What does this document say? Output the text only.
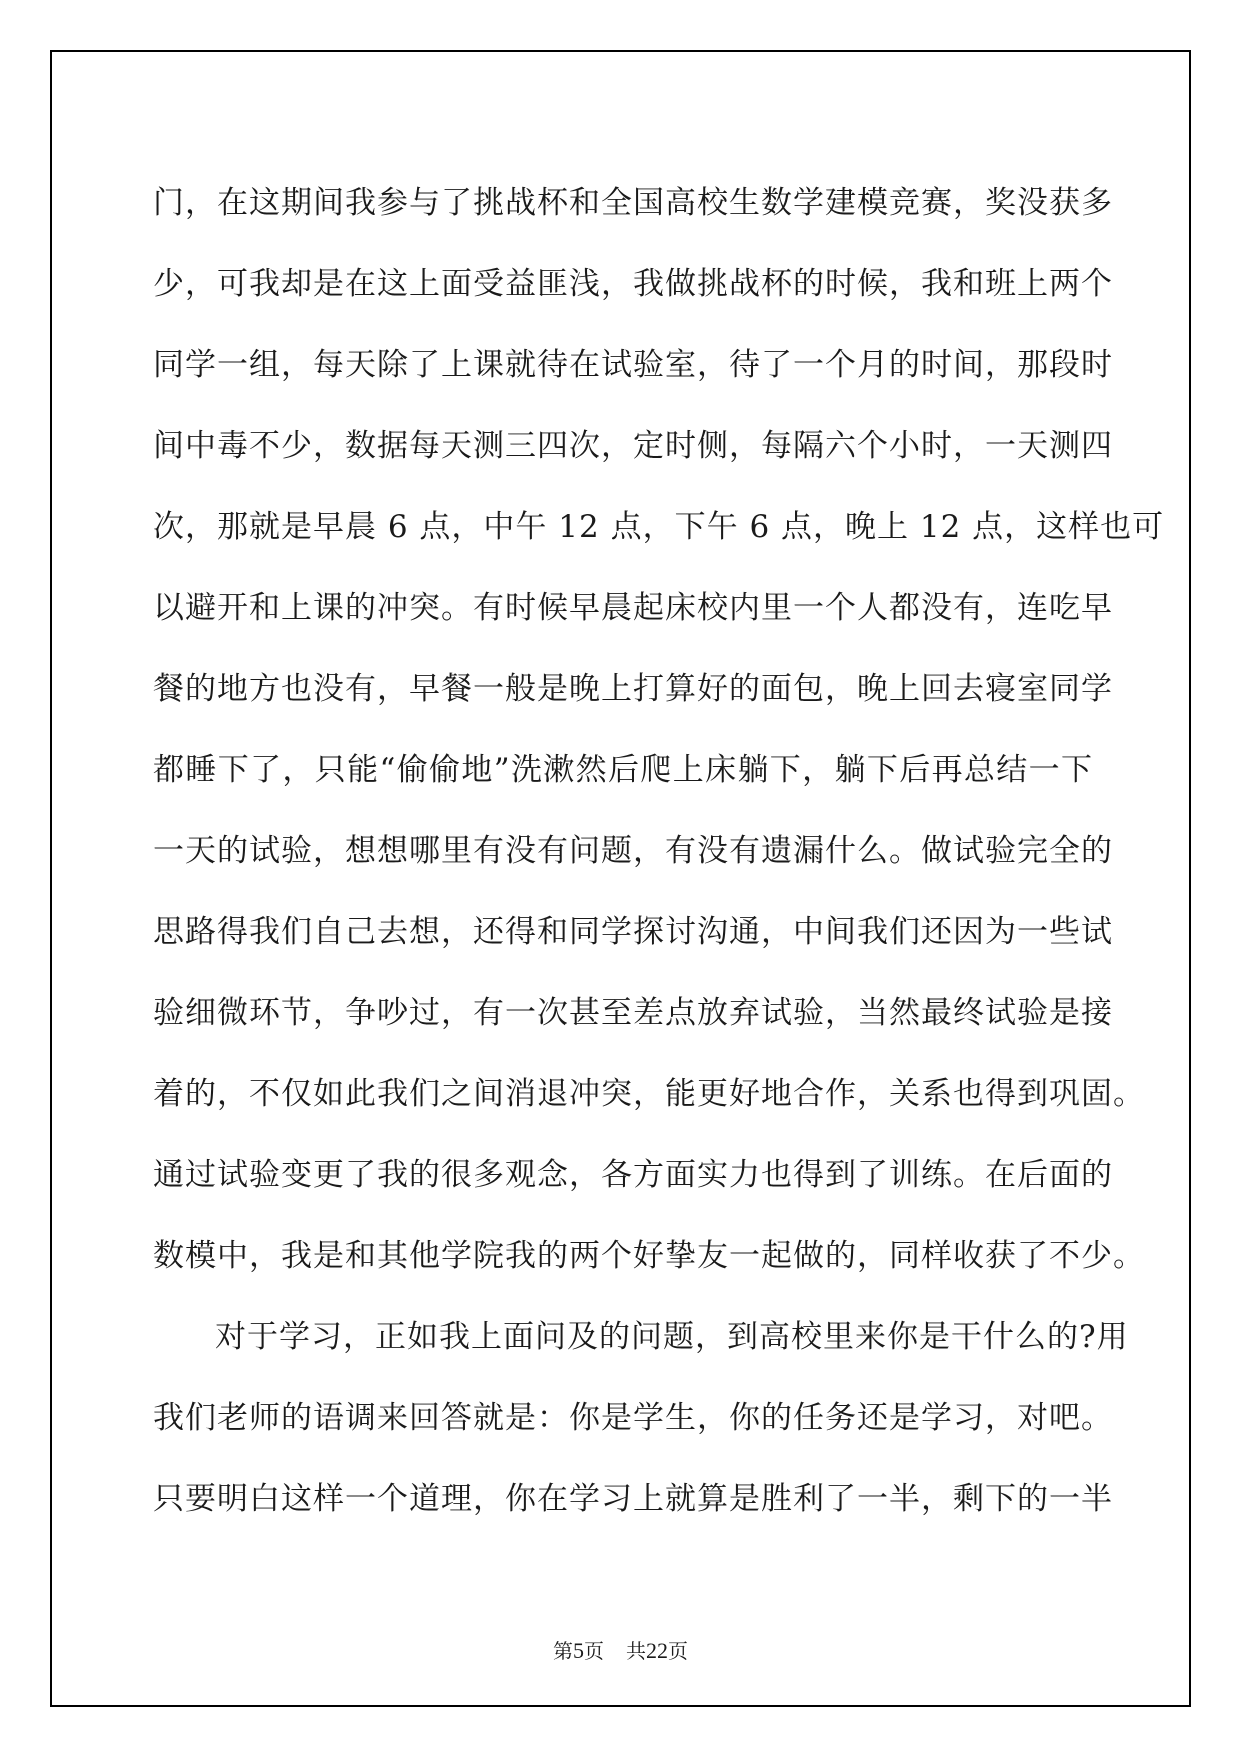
门，在这期间我参与了挑战杯和全国高校生数学建模竞赛，奖没获多
少，可我却是在这上面受益匪浅，我做挑战杯的时候，我和班上两个
同学一组，每天除了上课就待在试验室，待了一个月的时间，那段时
间中毒不少，数据每天测三四次，定时侧，每隔六个小时，一天测四
次，那就是早晨 6 点，中午 12 点，下午 6 点，晚上 12 点，这样也可
以避开和上课的冲突。有时候早晨起床校内里一个人都没有，连吃早
餐的地方也没有，早餐一般是晚上打算好的面包，晚上回去寝室同学
都睡下了，只能“偷偷地”洗漱然后爬上床躺下，躺下后再总结一下
一天的试验，想想哪里有没有问题，有没有遗漏什么。做试验完全的
思路得我们自己去想，还得和同学探讨沟通，中间我们还因为一些试
验细微环节，争吵过，有一次甚至差点放弃试验，当然最终试验是接
着的，不仅如此我们之间消退冲突，能更好地合作，关系也得到巩固。
通过试验变更了我的很多观念，各方面实力也得到了训练。在后面的
数模中，我是和其他学院我的两个好挚友一起做的，同样收获了不少。
对于学习，正如我上面问及的问题，到高校里来你是干什么的?用
我们老师的语调来回答就是：你是学生，你的任务还是学习，对吧。
只要明白这样一个道理，你在学习上就算是胜利了一半，剩下的一半
第5页 共22页
